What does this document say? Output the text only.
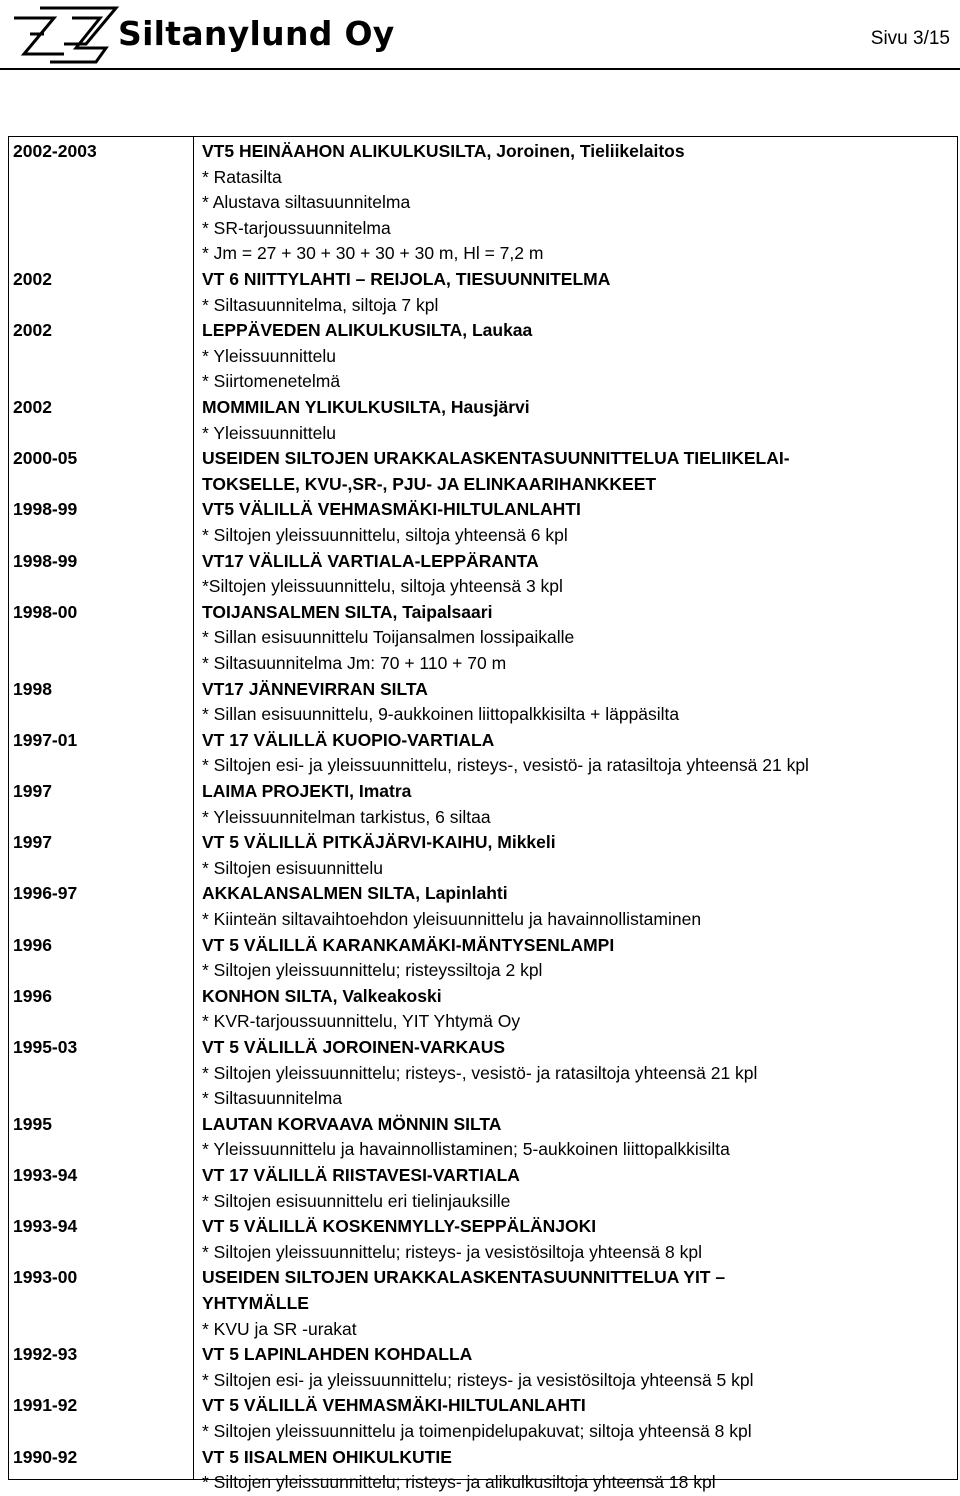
Siltanylund Oy	Sivu 3/15
2002-2003	VT5 HEINÄAHON ALIKULKUSILTA, Joroinen, Tieliikelaitos
* Ratasilta
* Alustava siltasuunnitelma
* SR-tarjoussuunnitelma
* Jm = 27 + 30 + 30 + 30 + 30 m, Hl = 7,2 m
2002	VT 6 NIITTYLAHTI – REIJOLA, TIESUUNNITELMA
* Siltasuunnitelma, siltoja 7 kpl
2002	LEPPÄVEDEN ALIKULKUSILTA, Laukaa
* Yleissuunnittelu
* Siirtomenetelmä
2002	MOMMILAN YLIKULKUSILTA, Hausjärvi
* Yleissuunnittelu
2000-05	USEIDEN SILTOJEN URAKKALASKENTASUUNNITTELUA TIELIIKELAI-
TOKSELLE, KVU-,SR-, PJU- JA ELINKAARIHANKKEET
1998-99	VT5 VÄLILLÄ VEHMASMÄKI-HILTULANLAHTI
* Siltojen yleissuunnittelu, siltoja yhteensä 6 kpl
1998-99	VT17 VÄLILLÄ VARTIALA-LEPPÄRANTA
*Siltojen yleissuunnittelu, siltoja yhteensä 3 kpl
1998-00	TOIJANSALMEN SILTA, Taipalsaari
* Sillan esisuunnittelu Toijansalmen lossipaikalle
* Siltasuunnitelma Jm: 70 + 110 + 70 m
1998	VT17 JÄNNEVIRRAN SILTA
* Sillan esisuunnittelu, 9-aukkoinen liittopalkkisilta + läppäsilta
1997-01	VT 17 VÄLILLÄ KUOPIO-VARTIALA
* Siltojen esi- ja yleissuunnittelu, risteys-, vesistö- ja ratasiltoja yhteensä 21 kpl
1997	LAIMA PROJEKTI, Imatra
* Yleissuunnitelman tarkistus, 6 siltaa
1997	VT 5 VÄLILLÄ PITKÄJÄRVI-KAIHU, Mikkeli
* Siltojen esisuunnittelu
1996-97	AKKALANSALMEN SILTA, Lapinlahti
* Kiinteän siltavaihtoehdon yleisuunnittelu ja havainnollistaminen
1996	VT 5 VÄLILLÄ KARANKAMÄKI-MÄNTYSENLAMPI
* Siltojen yleissuunnittelu; risteyssiltoja 2 kpl
1996	KONHON SILTA, Valkeakoski
* KVR-tarjoussuunnittelu, YIT Yhtymä Oy
1995-03	VT 5 VÄLILLÄ JOROINEN-VARKAUS
* Siltojen yleissuunnittelu; risteys-, vesistö- ja ratasiltoja yhteensä 21 kpl
* Siltasuunnitelma
1995	LAUTAN KORVAAVA MÖNNIN SILTA
* Yleissuunnittelu ja havainnollistaminen; 5-aukkoinen liittopalkkisilta
1993-94	VT 17 VÄLILLÄ RIISTAVESI-VARTIALA
* Siltojen esisuunnittelu eri tielinjauksille
1993-94	VT 5 VÄLILLÄ KOSKENMYLLY-SEPPÄLÄNJOKI
* Siltojen yleissuunnittelu; risteys- ja vesistösiltoja yhteensä 8 kpl
1993-00	USEIDEN SILTOJEN URAKKALASKENTASUUNNITTELUA YIT –
YHTYMÄLLE
* KVU ja SR -urakat
1992-93	VT 5 LAPINLAHDEN KOHDALLA
* Siltojen esi- ja yleissuunnittelu; risteys- ja vesistösiltoja yhteensä 5 kpl
1991-92	VT 5 VÄLILLÄ VEHMASMÄKI-HILTULANLAHTI
* Siltojen yleissuunnittelu ja toimenpidelupakuvat; siltoja yhteensä 8 kpl
1990-92	VT 5 IISALMEN OHIKULKUTIE
* Siltojen yleissuunnittelu; risteys- ja alikulkusiltoja yhteensä 18 kpl
